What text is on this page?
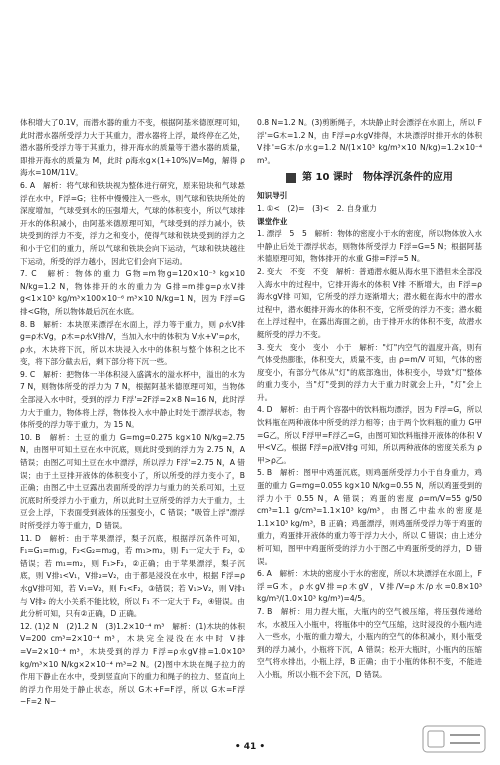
体积增大了0.1V，而潜水器的重力不变，根据阿基米德原理可知，此时潜水器所受浮力大于其重力，潜水器将上浮，最终停在乙处，潜水器所受浮力等于其重力，排开海水的质量等于潜水器的质量，即排开海水的质量为 M，此时 ρ海水g×(1+10%)V=Mg，解得 ρ海水=10M/11V。

6. A　解析：将气球和铁块视为整体进行研究，原来铅块和气球悬浮在水中，F浮=G；往杯中慢慢注入一些水，则气球和铁块所处的深度增加，气球受到水的压强增大，气球的体积变小，所以气球排开水的体积减小，由阿基米德原理可知，气球受到的浮力减小，铁块受到的浮力不变，浮力之和变小，使得气球和铁块受到的浮力之和小于它们的重力，所以气球和铁块会向下运动，气球和铁块越往下运动，所受的浮力越小，因此它们会向下运动。

7. C　解析：物体的重力 G物=m物g=120×10⁻³ kg×10 N/kg=1.2 N，物体排开的水的重力为 G排=m排g=ρ水V排g<1×10³ kg/m³×100×10⁻⁶ m³×10 N/kg=1 N，因为 F浮=G排<G物，所以物体最后沉在水底。

8. B　解析：本块原来漂浮在水面上，浮力等于重力，则 ρ水V排g=ρ木Vg，ρ木=ρ水V排/V，当加入水中的体积为 V水+V'=ρ水，ρ水，木块将下沉，所以木块浸入水中的体积与整个体积之比不变，将下部分截去后，剩下部分将下沉一些。

9. C　解析：把物体一半体积浸入盛满水的溢水杯中，溢出的水为 7 N，则物体所受的浮力为 7 N，根据阿基米德原理可知，当物体全部浸入水中时，受到的浮力 F浮'=2F浮=2×8 N=16 N，此时浮力大于重力，物体将上浮，物体投入水中静止时处于漂浮状态，物体所受的浮力等于重力，为 15 N。

10. B　解析：土豆的重力 G=mg=0.275 kg×10 N/kg=2.75 N，由图甲可知土豆在水中沉底，则此时受到的浮力为 2.75 N，A 错误；由图乙可知土豆在水中漂浮，所以浮力 F浮'=2.75 N，A 错误；由于土豆排开液体的体积变小了，所以所受的浮力变小了，B 正确；由图乙中土豆露出表面所受的浮力与重力的关系可知，土豆沉底时所受浮力小于重力，所以此时土豆所受的浮力大于重力，土豆会上浮，下表面受到液体的压强变小，C 错误；"吸管上浮"漂浮时所受浮力等于重力，D 错误。

11. D　解析：由于苹果漂浮，梨子沉底，根据浮沉条件可知，F₁=G₁=m₁g，F₂<G₂=m₂g，若 m₁>m₂，则 F₁一定大于 F₂，①错误；若 m₁=m₂，则 F₁>F₂，②正确；由于苹果漂浮，梨子沉底，则 V排₁<V₁，V排₂=V₂，由于都是浸没在水中，根据 F浮=ρ水gV排可知，若 V₁=V₂，则 F₁<F₂，③错误；若 V₁>V₂，则 V排₁ 与 V排₂ 的大小关系不能比较，所以 F₁ 不一定大于 F₂，④错误。由此分析可知，只有②正确，D 正确。

12. (1)2 N　(2)1.2 N　(3)1.2×10⁻⁴ m³　解析：(1)木块的体积 V=200 cm³=2×10⁻⁴ m³，木块完全浸没在水中时 V排=V=2×10⁻⁴ m³，木块受到的浮力 F浮=ρ水gV排=1.0×10³ kg/m³×10 N/kg×2×10⁻⁴ m³=2 N。(2)图中木块在绳子拉力的作用下静止在水中，受到竖直向下的重力和绳子的拉力、竖直向上的浮力作用处于静止状态，所以 G木+F=F浮，所以 G木=F浮−F=2 N−

0.8 N=1.2 N。(3)剪断绳子，木块静止时会漂浮在水面上，所以 F浮'=G木=1.2 N，由 F浮=ρ水gV排得，木块漂浮时排开水的体积 V排'=G木/ρ水g=1.2 N/(1×10³ kg/m³×10 N/kg)=1.2×10⁻⁴ m³。

第 10 课时 物体浮沉条件的应用

知识导引

1. ①<　(2)=　(3)<　2. 自身重力

课堂作业

1. 漂浮　5　5　解析：物体的密度小于水的密度，所以物体放入水中静止后处于漂浮状态，则物体所受浮力 F浮=G=5 N；根据阿基米德原理可知，物体排开的水重 G排=F浮=5 N。

2. 变大　不变　不变　解析：普通潜水艇从海水里下潜但未全部没入海水中的过程中，它排开海水的体积 V排 不断增大，由 F浮=ρ海水gV排 可知，它所受的浮力逐渐增大；潜水艇在海水中的潜水过程中，潜水艇排开海水的体积不变，它所受的浮力不变；潜水艇在上浮过程中，在露出海面之前，由于排开水的体积不变，故潜水艇所受的浮力不变。

3. 变大　变小　变小　小于　解析："灯"内空气的温度升高，则有气体受热膨胀，体积变大，质量不变，由 ρ=m/V 可知，气体的密度变小，有部分气体从"灯"的底部逸出，体积变小，导致"灯"整体的重力变小，当"灯"受到的浮力大于重力时就会上升，"灯"会上升。

4. D　解析：由于两个容器中的饮料瓶均漂浮，因为 F浮=G，所以饮料瓶在两种液体中所受的浮力相等；由于两个饮料瓶的重力 G甲=G乙，所以 F浮甲=F浮乙=G，由图可知饮料瓶排开液体的体积 V甲<V乙，根据 F浮=ρ液V排g 可知，所以两种液体的密度关系为 ρ甲>ρ乙。

5. B　解析：图甲中鸡蛋沉底，则鸡蛋所受浮力小于自身重力，鸡蛋的重力 G=mg=0.055 kg×10 N/kg=0.55 N，所以鸡蛋受到的浮力小于 0.55 N，A 错误；鸡蛋的密度 ρ=m/V=55 g/50 cm³=1.1 g/cm³=1.1×10³ kg/m³，由图乙中盐水的密度是 1.1×10³ kg/m³，B 正确；鸡蛋漂浮，则鸡蛋所受浮力等于鸡蛋的重力，鸡蛋排开液体的重力等于浮力大小，所以 C 错误；由上述分析可知，图甲中鸡蛋所受的浮力小于图乙中鸡蛋所受的浮力，D 错误。

6. A　解析：木块的密度小于水的密度，所以木块漂浮在水面上，F浮=G木，ρ水gV排=ρ木gV，V排/V=ρ木/ρ水=0.8×10³ kg/m³/(1.0×10³ kg/m³)=4/5。

7. B　解析：用力捏大瓶，大瓶内的空气被压缩，将压强传递给水，水被压入小瓶中，将瓶体中的空气压缩，这时浸没的小瓶内进入一些水，小瓶的重力增大，小瓶内的空气的体积减小，则小瓶受到的浮力减小，小瓶将下沉，A 错误；松开大瓶时，小瓶内的压缩空气将水排出，小瓶上浮，B 正确；由于小瓶的体积不变，不能进入小瓶，所以小瓶不会下沉，D 错误。

• 41 •
